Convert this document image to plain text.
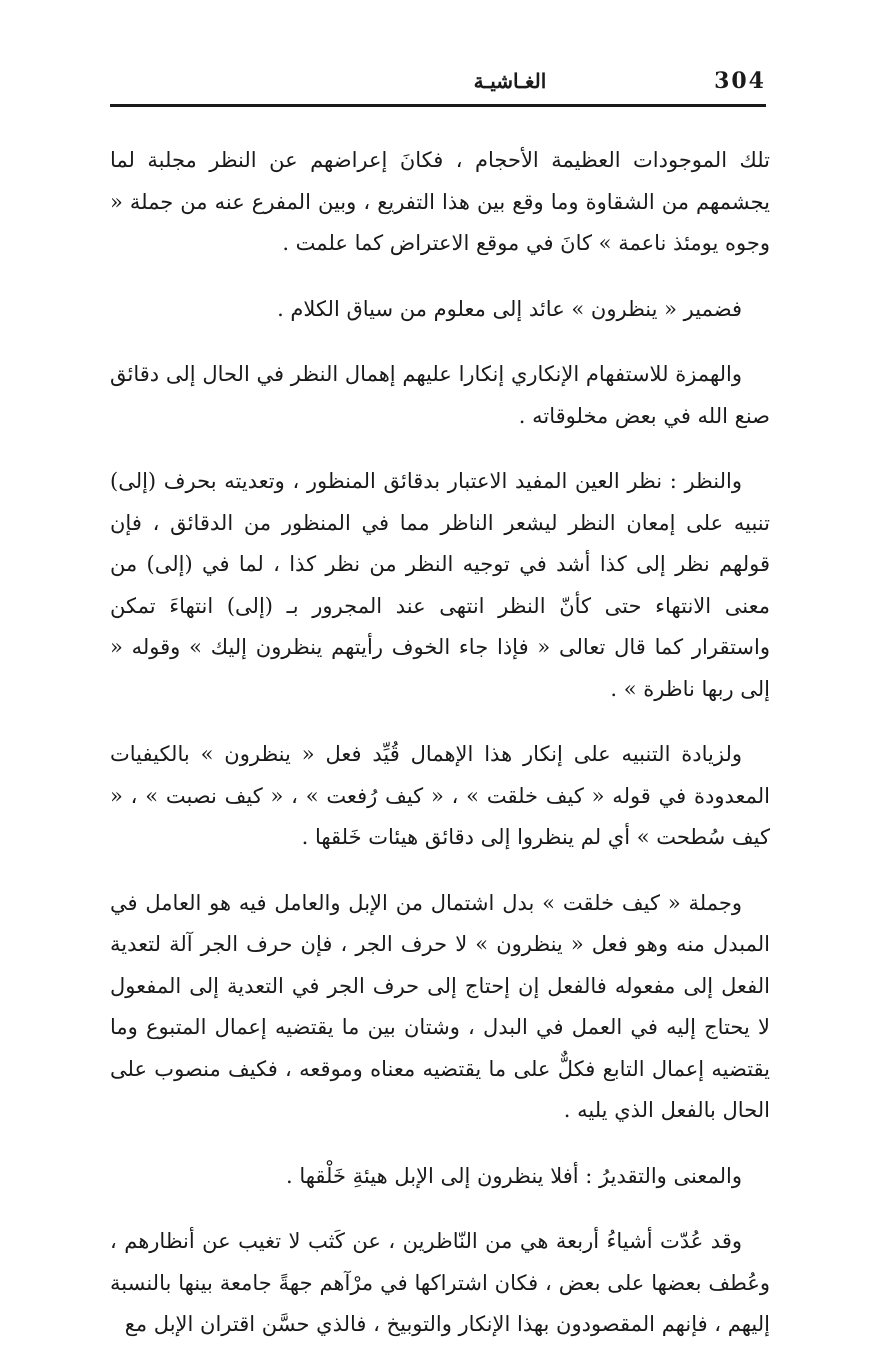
304
الغـاشيـة

تلك الموجودات العظيمة الأحجام ، فكانَ إعراضهم عن النظر مجلبة لما يجشمهم من الشقاوة وما وقع بين هذا التفريع ، وبين المفرع عنه من جملة « وجوه يومئذ ناعمة » كانَ في موقع الاعتراض كما علمت .

فضمير « ينظرون » عائد إلى معلوم من سياق الكلام .

والهمزة للاستفهام الإنكاري إنكارا عليهم إهمال النظر في الحال إلى دقائق صنع الله في بعض مخلوقاته .

والنظر : نظر العين المفيد الاعتبار بدقائق المنظور ، وتعديته بحرف (إلى) تنبيه على إمعان النظر ليشعر الناظر مما في المنظور من الدقائق ، فإن قولهم نظر إلى كذا أشد في توجيه النظر من نظر كذا ، لما في (إلى) من معنى الانتهاء حتى كأنّ النظر انتهى عند المجرور بـ (إلى) انتهاءَ تمكن واستقرار كما قال تعالى « فإذا جاء الخوف رأيتهم ينظرون إليك » وقوله « إلى ربها ناظرة » .

ولزيادة التنبيه على إنكار هذا الإهمال قُيِّد فعل « ينظرون » بالكيفيات المعدودة في قوله « كيف خلقت » ، « كيف رُفعت » ، « كيف نصبت » ، « كيف سُطحت » أي لم ينظروا إلى دقائق هيئات خَلقها .

وجملة « كيف خلقت » بدل اشتمال من الإبل والعامل فيه هو العامل في المبدل منه وهو فعل « ينظرون » لا حرف الجر ، فإن حرف الجر آلة لتعدية الفعل إلى مفعوله فالفعل إن إحتاج إلى حرف الجر في التعدية إلى المفعول لا يحتاج إليه في العمل في البدل ، وشتان بين ما يقتضيه إعمال المتبوع وما يقتضيه إعمال التابع فكلٌّ على ما يقتضيه معناه وموقعه ، فكيف منصوب على الحال بالفعل الذي يليه .

والمعنى والتقديرُ : أفلا ينظرون إلى الإبل هيئةِ خَلْقها .

وقد عُدّت أشياءُ أربعة هي من النّاظرين ، عن كَثب لا تغيب عن أنظارهم ، وعُطف بعضها على بعض ، فكان اشتراكها في مرْآهم جهةً جامعة بينها بالنسبة إليهم ، فإنهم المقصودون بهذا الإنكار والتوبيخ ، فالذي حسَّن اقتران الإبل مع
